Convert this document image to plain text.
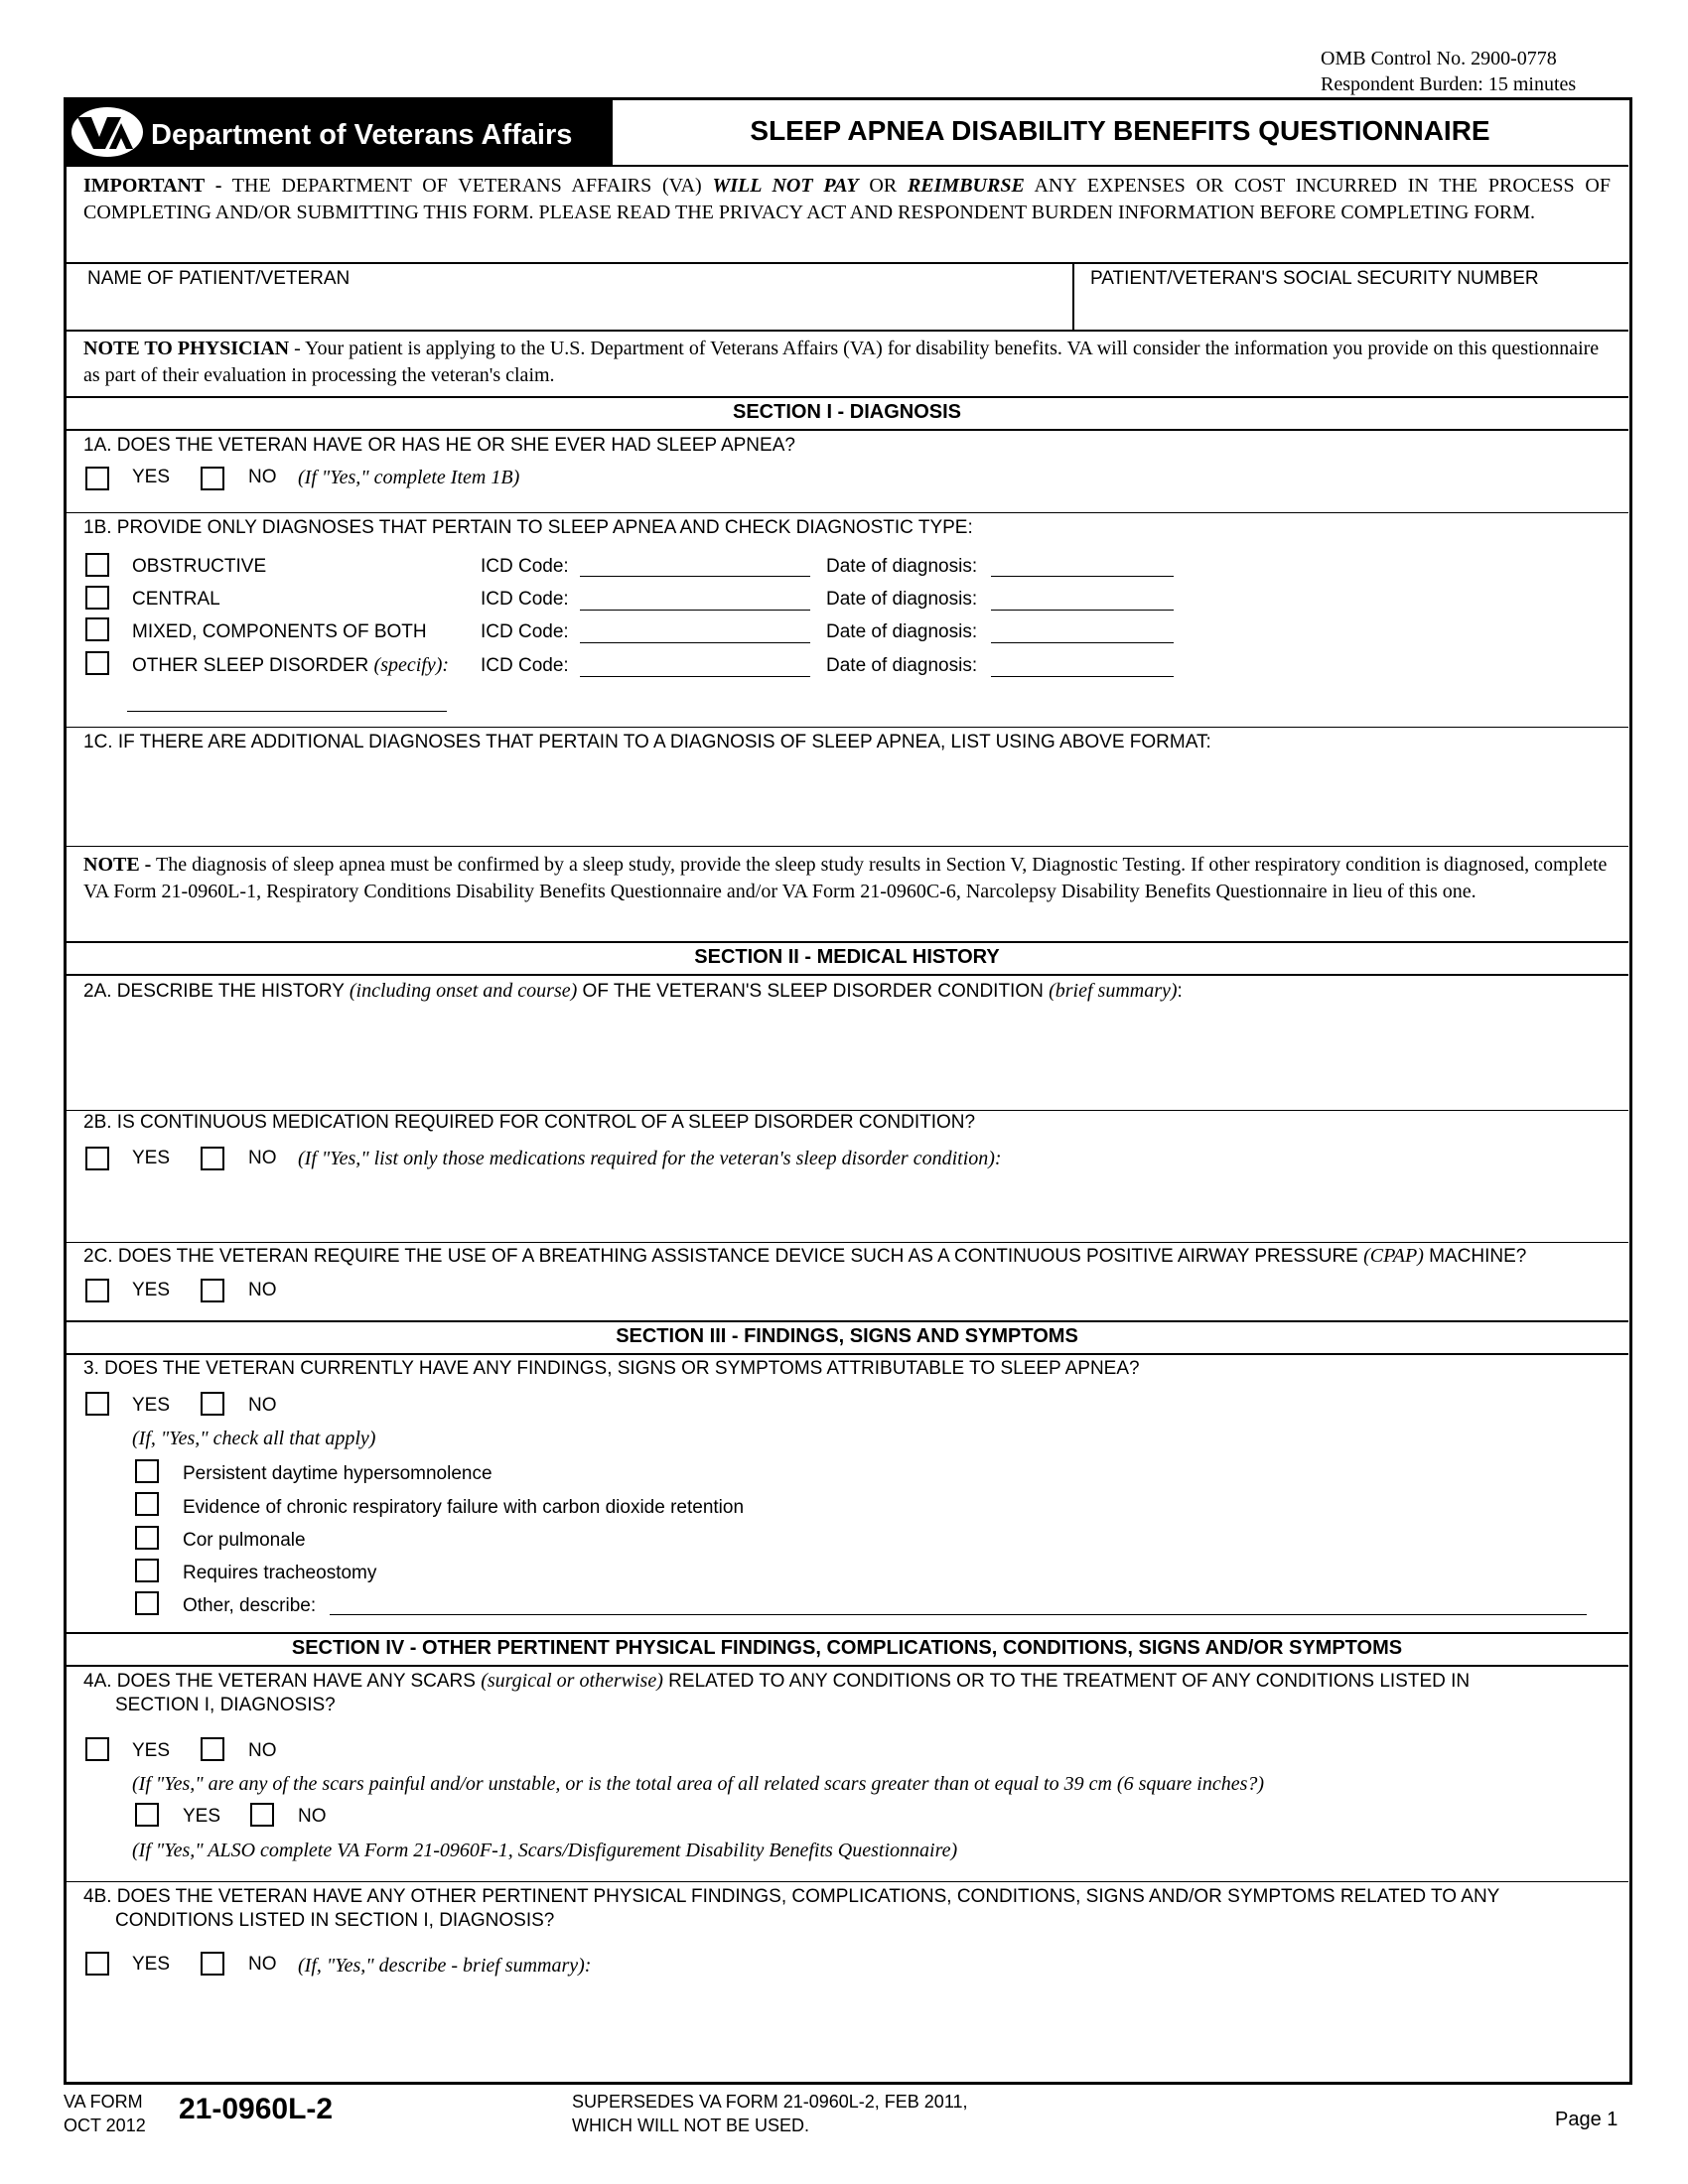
OMB Control No. 2900-0778
Respondent Burden: 15 minutes
Department of Veterans Affairs	SLEEP APNEA DISABILITY BENEFITS QUESTIONNAIRE
IMPORTANT - THE DEPARTMENT OF VETERANS AFFAIRS (VA) WILL NOT PAY OR REIMBURSE ANY EXPENSES OR COST INCURRED IN THE PROCESS OF COMPLETING AND/OR SUBMITTING THIS FORM. PLEASE READ THE PRIVACY ACT AND RESPONDENT BURDEN INFORMATION BEFORE COMPLETING FORM.
NAME OF PATIENT/VETERAN	PATIENT/VETERAN'S SOCIAL SECURITY NUMBER
NOTE TO PHYSICIAN - Your patient is applying to the U.S. Department of Veterans Affairs (VA) for disability benefits. VA will consider the information you provide on this questionnaire as part of their evaluation in processing the veteran's claim.
SECTION I - DIAGNOSIS
1A. DOES THE VETERAN HAVE OR HAS HE OR SHE EVER HAD SLEEP APNEA?
YES	NO (If "Yes," complete Item 1B)
1B. PROVIDE ONLY DIAGNOSES THAT PERTAIN TO SLEEP APNEA AND CHECK DIAGNOSTIC TYPE:
OBSTRUCTIVE	ICD Code:	Date of diagnosis:
CENTRAL	ICD Code:	Date of diagnosis:
MIXED, COMPONENTS OF BOTH	ICD Code:	Date of diagnosis:
OTHER SLEEP DISORDER (specify): ICD Code:	Date of diagnosis:
1C. IF THERE ARE ADDITIONAL DIAGNOSES THAT PERTAIN TO A DIAGNOSIS OF SLEEP APNEA, LIST USING ABOVE FORMAT:
NOTE - The diagnosis of sleep apnea must be confirmed by a sleep study, provide the sleep study results in Section V, Diagnostic Testing. If other respiratory condition is diagnosed, complete VA Form 21-0960L-1, Respiratory Conditions Disability Benefits Questionnaire and/or VA Form 21-0960C-6, Narcolepsy Disability Benefits Questionnaire in lieu of this one.
SECTION II - MEDICAL HISTORY
2A. DESCRIBE THE HISTORY (including onset and course) OF THE VETERAN'S SLEEP DISORDER CONDITION (brief summary):
2B. IS CONTINUOUS MEDICATION REQUIRED FOR CONTROL OF A SLEEP DISORDER CONDITION?
YES	NO (If "Yes," list only those medications required for the veteran's sleep disorder condition):
2C. DOES THE VETERAN REQUIRE THE USE OF A BREATHING ASSISTANCE DEVICE SUCH AS A CONTINUOUS POSITIVE AIRWAY PRESSURE (CPAP) MACHINE?
YES	NO
SECTION III - FINDINGS, SIGNS AND SYMPTOMS
3. DOES THE VETERAN CURRENTLY HAVE ANY FINDINGS, SIGNS OR SYMPTOMS ATTRIBUTABLE TO SLEEP APNEA?
YES	NO
(If, "Yes," check all that apply)
Persistent daytime hypersomnolence
Evidence of chronic respiratory failure with carbon dioxide retention
Cor pulmonale
Requires tracheostomy
Other, describe:
SECTION IV - OTHER PERTINENT PHYSICAL FINDINGS, COMPLICATIONS, CONDITIONS, SIGNS AND/OR SYMPTOMS
4A. DOES THE VETERAN HAVE ANY SCARS (surgical or otherwise) RELATED TO ANY CONDITIONS OR TO THE TREATMENT OF ANY CONDITIONS LISTED IN
SECTION I, DIAGNOSIS?
YES	NO
(If "Yes," are any of the scars painful and/or unstable, or is the total area of all related scars greater than ot equal to 39 cm (6 square inches?)
YES	NO
(If "Yes," ALSO complete VA Form 21-0960F-1, Scars/Disfigurement Disability Benefits Questionnaire)
4B. DOES THE VETERAN HAVE ANY OTHER PERTINENT PHYSICAL FINDINGS, COMPLICATIONS, CONDITIONS, SIGNS AND/OR SYMPTOMS RELATED TO ANY
CONDITIONS LISTED IN SECTION I, DIAGNOSIS?
YES	NO (If, "Yes," describe - brief summary):
VA FORM
OCT 2012 21-0960L-2	SUPERSEDES VA FORM 21-0960L-2, FEB 2011,
WHICH WILL NOT BE USED.	Page 1
